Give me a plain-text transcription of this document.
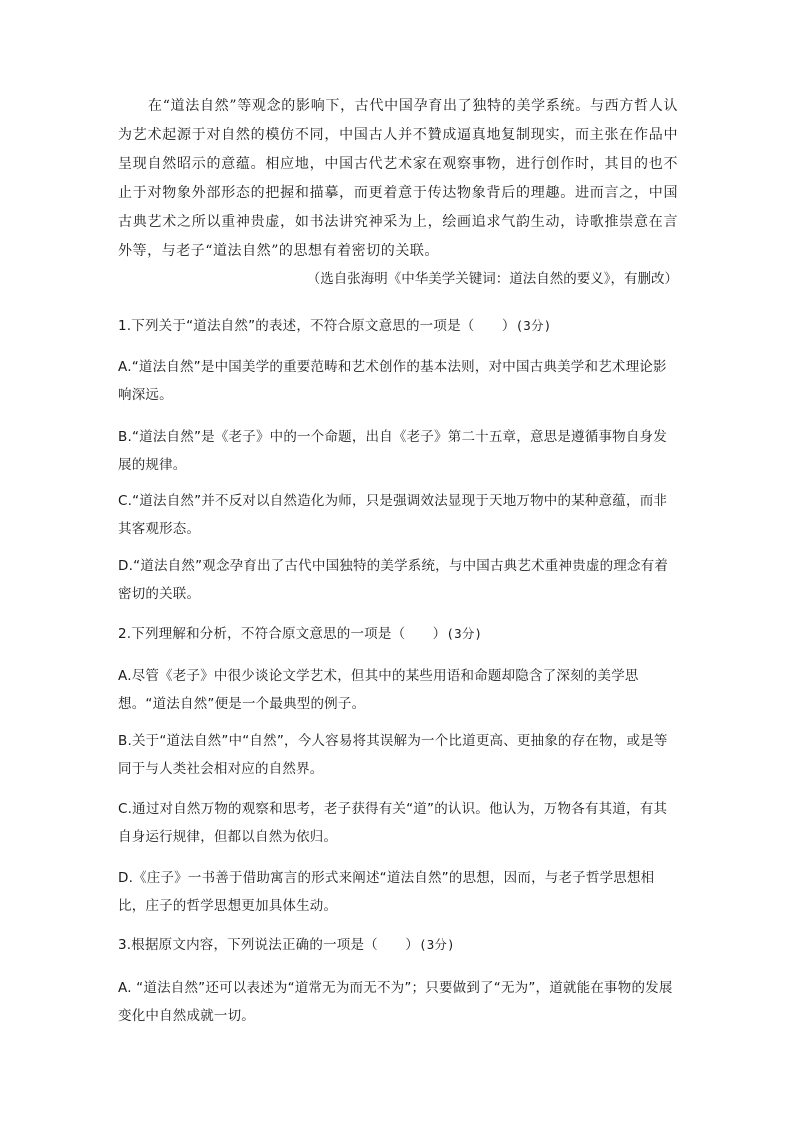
在“道法自然”等观念的影响下，古代中国孕育出了独特的美学系统。与西方哲人认为艺术起源于对自然的模仿不同，中国古人并不贊成逼真地复制现实，而主张在作品中呈现自然昭示的意蕴。相应地，中国古代艺术家在观察事物，进行创作时，其目的也不止于对物象外部形态的把握和描摹，而更着意于传达物象背后的理趣。进而言之，中国古典艺术之所以重神贵虚，如书法讲究神采为上，绘画追求气韵生动，诗歌推崇意在言外等，与老子“道法自然”的思想有着密切的关联。

（选自张海明《中华美学关键词：道法自然的要义》，有删改）

1.下列关于“道法自然”的表述，不符合原文意思的一项是（　　）(3分)

A.“道法自然”是中国美学的重要范畴和艺术创作的基本法则，对中国古典美学和艺术理论影响深远。

B.“道法自然”是《老子》中的一个命题，出自《老子》第二十五章，意思是遵循事物自身发展的规律。

C.“道法自然”并不反对以自然造化为师，只是强调效法显现于天地万物中的某种意蕴，而非其客观形态。

D.“道法自然”观念孕育出了古代中国独特的美学系统，与中国古典艺术重神贵虚的理念有着密切的关联。

2.下列理解和分析，不符合原文意思的一项是（　　）(3分)

A.尽管《老子》中很少谈论文学艺术，但其中的某些用语和命题却隐含了深刻的美学思想。“道法自然”便是一个最典型的例子。

B.关于“道法自然”中“自然”，今人容易将其误解为一个比道更高、更抽象的存在物，或是等同于与人类社会相对应的自然界。

C.通过对自然万物的观察和思考，老子获得有关“道”的认识。他认为，万物各有其道，有其自身运行规律，但都以自然为依归。

D.《庄子》一书善于借助寓言的形式来阐述“道法自然”的思想，因而，与老子哲学思想相比，庄子的哲学思想更加具体生动。

3.根据原文内容，下列说法正确的一项是（　　）(3分)

A. “道法自然”还可以表述为“道常无为而无不为”；只要做到了“无为”，道就能在事物的发展变化中自然成就一切。
